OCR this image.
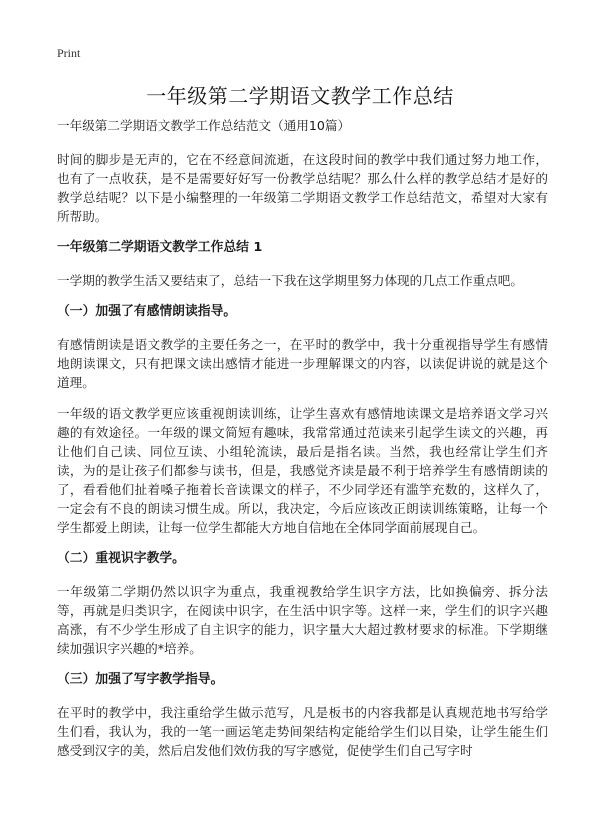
Print
一年级第二学期语文教学工作总结

一年级第二学期语文教学工作总结范文（通用10篇）

时间的脚步是无声的，它在不经意间流逝，在这段时间的教学中我们通过努力地工作，也有了一点收获，是不是需要好好写一份教学总结呢？那么什么样的教学总结才是好的教学总结呢？以下是小编整理的一年级第二学期语文教学工作总结范文，希望对大家有所帮助。

一年级第二学期语文教学工作总结 1

一学期的教学生活又要结束了，总结一下我在这学期里努力体现的几点工作重点吧。

（一）加强了有感情朗读指导。

有感情朗读是语文教学的主要任务之一，在平时的教学中，我十分重视指导学生有感情地朗读课文，只有把课文读出感情才能进一步理解课文的内容，以读促讲说的就是这个道理。

一年级的语文教学更应该重视朗读训练，让学生喜欢有感情地读课文是培养语文学习兴趣的有效途径。一年级的课文简短有趣味，我常常通过范读来引起学生读文的兴趣，再让他们自己读、同位互读、小组轮流读，最后是指名读。当然，我也经常让学生们齐读，为的是让孩子们都参与读书，但是，我感觉齐读是最不利于培养学生有感情朗读的了，看看他们扯着嗓子拖着长音读课文的样子，不少同学还有滥竽充数的，这样久了，一定会有不良的朗读习惯生成。所以，我决定，今后应该改正朗读训练策略，让每一个学生都爱上朗读，让每一位学生都能大方地自信地在全体同学面前展现自己。

（二）重视识字教学。

一年级第二学期仍然以识字为重点，我重视教给学生识字方法，比如换偏旁、拆分法等，再就是归类识字，在阅读中识字，在生活中识字等。这样一来，学生们的识字兴趣高涨，有不少学生形成了自主识字的能力，识字量大大超过教材要求的标准。下学期继续加强识字兴趣的*培养。

（三）加强了写字教学指导。

在平时的教学中，我注重给学生做示范写，凡是板书的内容我都是认真规范地书写给学生们看，我认为，我的一笔一画运笔走势间架结构定能给学生们以目染，让学生能生们感受到汉字的美，然后启发他们效仿我的写字感觉，促使学生们自己写字时
